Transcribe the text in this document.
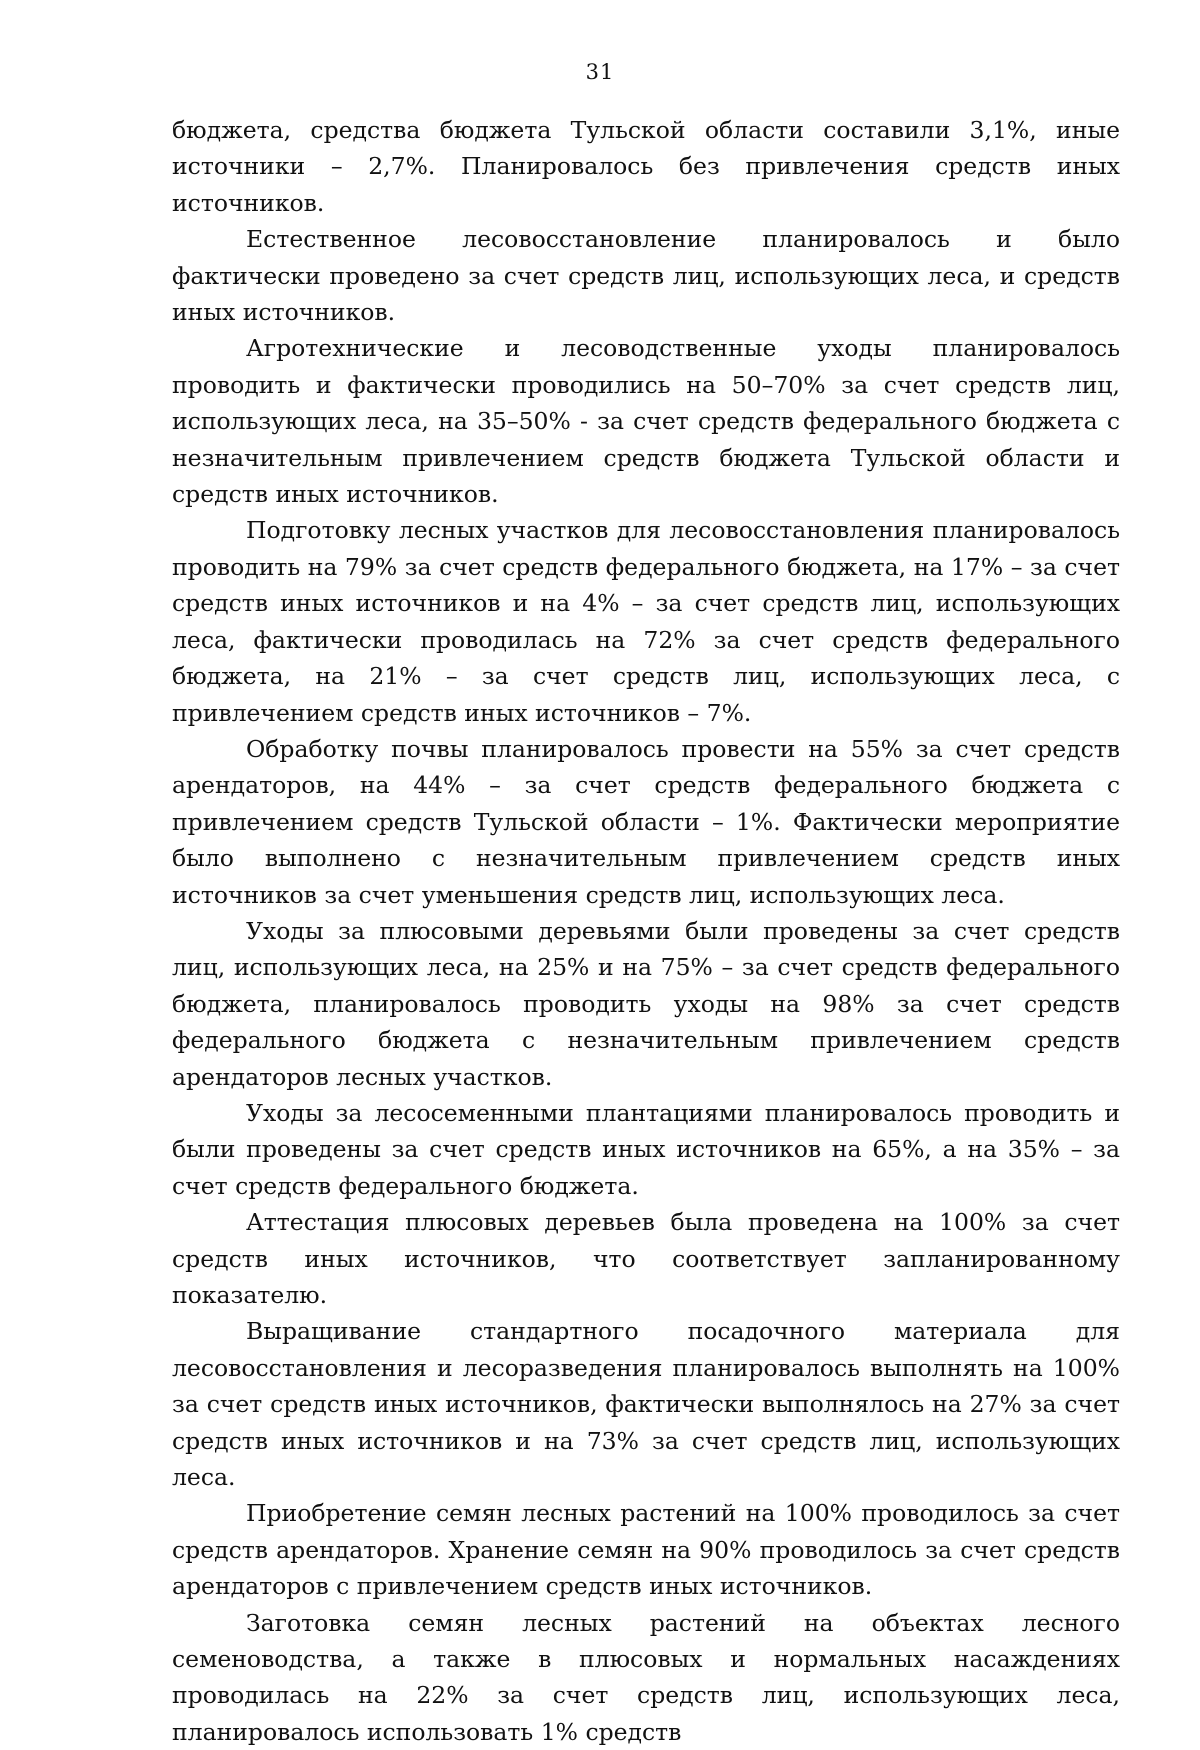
31

бюджета, средства бюджета Тульской области составили 3,1%, иные источники – 2,7%. Планировалось без привлечения средств иных источников.

Естественное лесовосстановление планировалось и было фактически проведено за счет средств лиц, использующих леса, и средств иных источников.

Агротехнические и лесоводственные уходы планировалось проводить и фактически проводились на 50–70% за счет средств лиц, использующих леса, на 35–50% - за счет средств федерального бюджета с незначительным привлечением средств бюджета Тульской области и средств иных источников.

Подготовку лесных участков для лесовосстановления планировалось проводить на 79% за счет средств федерального бюджета, на 17% – за счет средств иных источников и на 4% – за счет средств лиц, использующих леса, фактически проводилась на 72% за счет средств федерального бюджета, на 21% – за счет средств лиц, использующих леса, с привлечением средств иных источников – 7%.

Обработку почвы планировалось провести на 55% за счет средств арендаторов, на 44% – за счет средств федерального бюджета с привлечением средств Тульской области – 1%. Фактически мероприятие было выполнено с незначительным привлечением средств иных источников за счет уменьшения средств лиц, использующих леса.

Уходы за плюсовыми деревьями были проведены за счет средств лиц, использующих леса, на 25% и на 75% – за счет средств федерального бюджета, планировалось проводить уходы на 98% за счет средств федерального бюджета с незначительным привлечением средств арендаторов лесных участков.

Уходы за лесосеменными плантациями планировалось проводить и были проведены за счет средств иных источников на 65%, а на 35% – за счет средств федерального бюджета.

Аттестация плюсовых деревьев была проведена на 100% за счет средств иных источников, что соответствует запланированному показателю.

Выращивание стандартного посадочного материала для лесовосстановления и лесоразведения планировалось выполнять на 100% за счет средств иных источников, фактически выполнялось на 27% за счет средств иных источников и на 73% за счет средств лиц, использующих леса.

Приобретение семян лесных растений на 100% проводилось за счет средств арендаторов. Хранение семян на 90% проводилось за счет средств арендаторов с привлечением средств иных источников.

Заготовка семян лесных растений на объектах лесного семеноводства, а также в плюсовых и нормальных насаждениях проводилась на 22% за счет средств лиц, использующих леса, планировалось использовать 1% средств
